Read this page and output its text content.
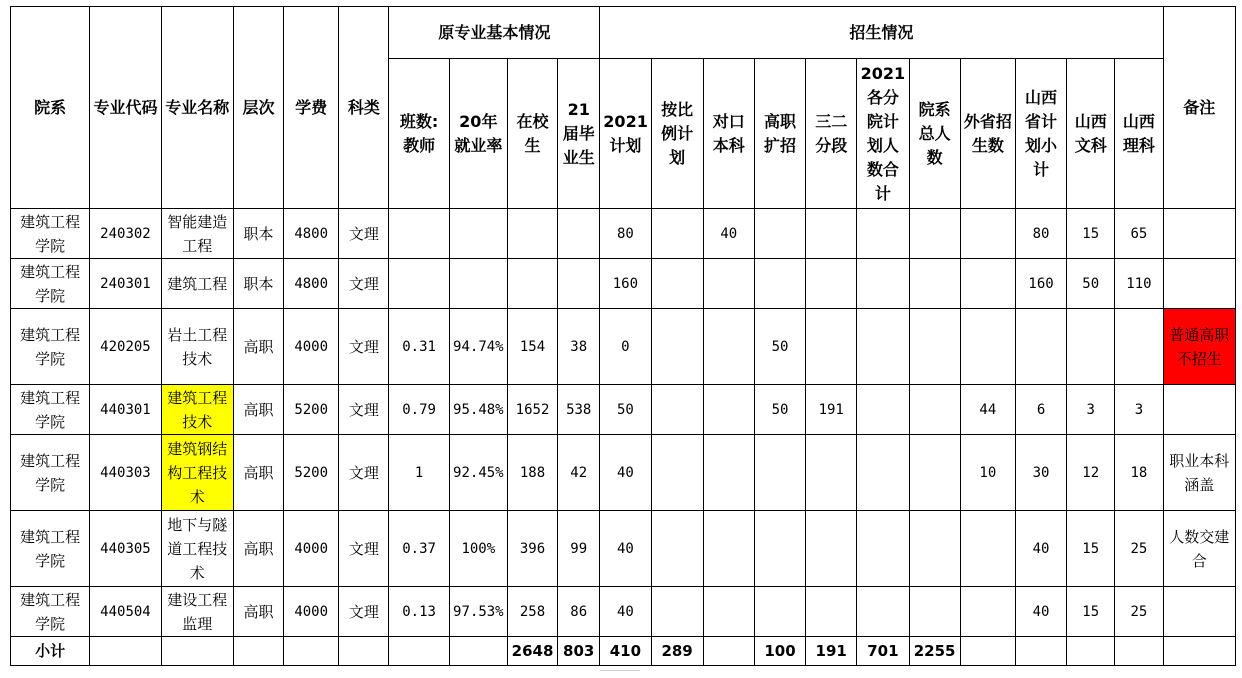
院系	专业代码	专业名称	层次	学费	科类	原专业基本情况				招生情况											备注
						班数:教师	20年就业率	在校生	21届毕业生	2021计划	按比例计划	对口本科	高职扩招	三二分段	2021各分院计划人数合计	院系总人数	外省招生数	山西省计划小计	山西文科	山西理科	
建筑工程学院	240302	智能建造工程	职本	4800	文理					80		40						80	15	65	
建筑工程学院	240301	建筑工程	职本	4800	文理					160								160	50	110	
建筑工程学院	420205	岩土工程技术	高职	4000	文理	0.31	94.74%	154	38	0			50								普通高职不招生
建筑工程学院	440301	建筑工程技术	高职	5200	文理	0.79	95.48%	1652	538	50			50	191			44	6	3	3	
建筑工程学院	440303	建筑钢结构工程技术	高职	5200	文理	1	92.45%	188	42	40							10	30	12	18	职业本科涵盖
建筑工程学院	440305	地下与隧道工程技术	高职	4000	文理	0.37	100%	396	99	40								40	15	25	人数交建合
建筑工程学院	440504	建设工程监理	高职	4000	文理	0.13	97.53%	258	86	40								40	15	25	
小计								2648	803	410	289		100	191	701	2255					
